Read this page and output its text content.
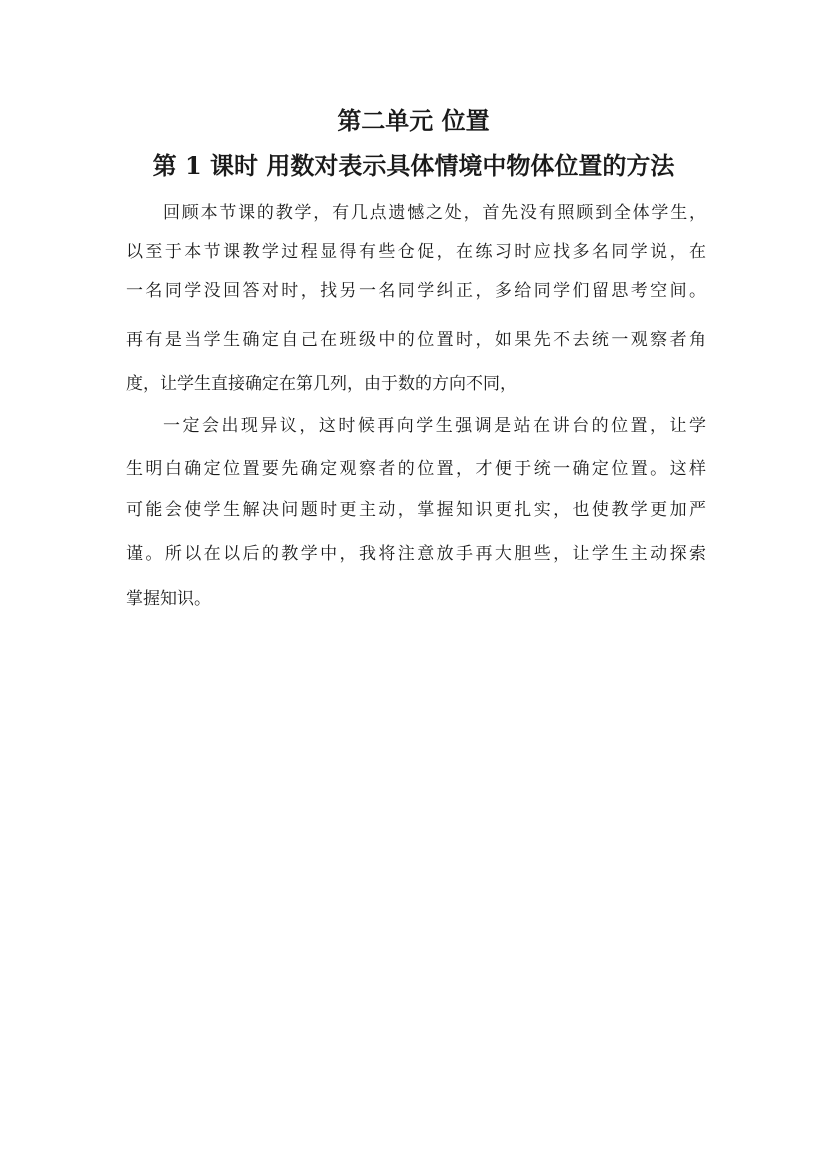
第二单元 位置
第 1 课时 用数对表示具体情境中物体位置的方法
回顾本节课的教学，有几点遗憾之处，首先没有照顾到全体学生，
以至于本节课教学过程显得有些仓促，在练习时应找多名同学说，在
一名同学没回答对时，找另一名同学纠正，多给同学们留思考空间。
再有是当学生确定自己在班级中的位置时，如果先不去统一观察者角
度，让学生直接确定在第几列，由于数的方向不同，
一定会出现异议，这时候再向学生强调是站在讲台的位置，让学
生明白确定位置要先确定观察者的位置，才便于统一确定位置。这样
可能会使学生解决问题时更主动，掌握知识更扎实，也使教学更加严
谨。所以在以后的教学中，我将注意放手再大胆些，让学生主动探索
掌握知识。
